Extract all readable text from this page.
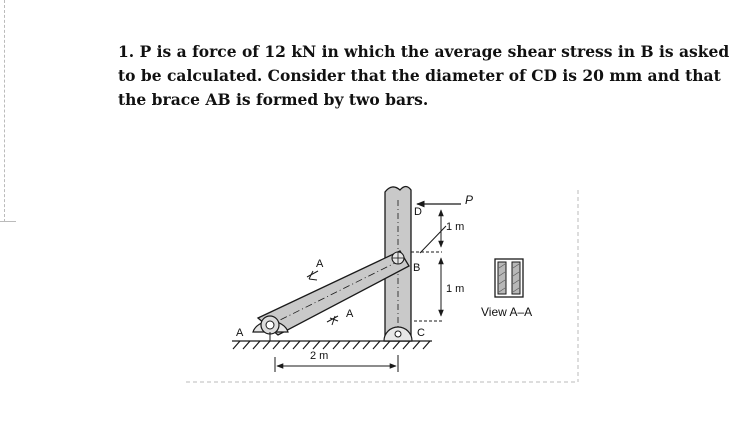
1. P is a force of 12 kN in which the average shear stress in B is asked
to be calculated. Consider that the diameter of CD is 20 mm and that
the brace AB is formed by two bars.

P
1 m
1 m
D
B
C
A
A
A
2 m
View A–A
